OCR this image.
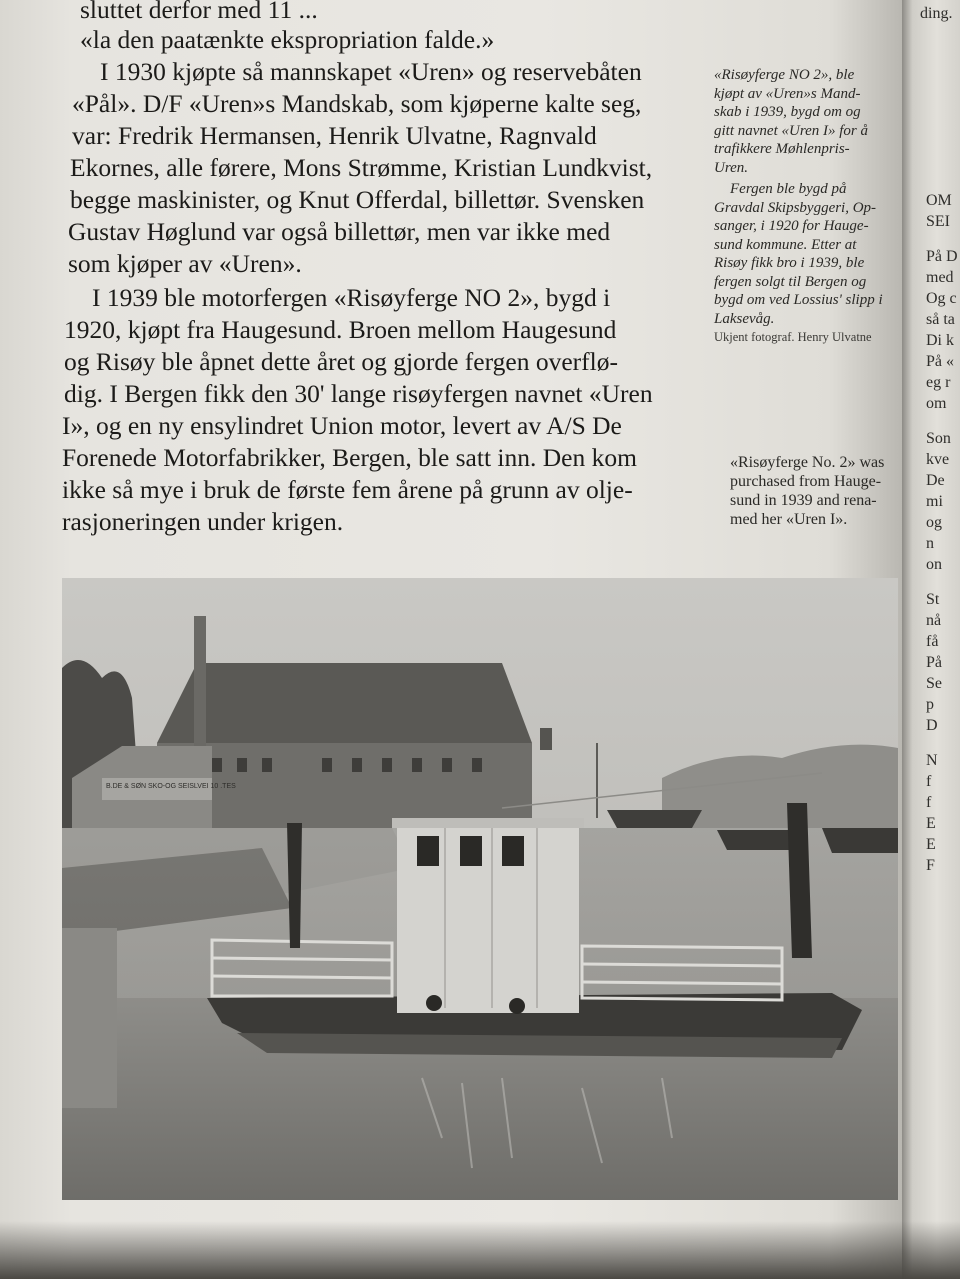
sluttet derfor med 11 ...
«la den paatænkte ekspropriation falde.»
I 1930 kjøpte så mannskapet «Uren» og reservebåten
«Pål». D/F «Uren»s Mandskab, som kjøperne kalte seg,
var: Fredrik Hermansen, Henrik Ulvatne, Ragnvald
Ekornes, alle førere, Mons Strømme, Kristian Lundkvist,
begge maskinister, og Knut Offerdal, billettør. Svensken
Gustav Høglund var også billettør, men var ikke med
som kjøper av «Uren».
I 1939 ble motorfergen «Risøyferge NO 2», bygd i
1920, kjøpt fra Haugesund. Broen mellom Haugesund
og Risøy ble åpnet dette året og gjorde fergen overflø-
dig. I Bergen fikk den 30' lange risøyfergen navnet «Uren
I», og en ny ensylindret Union motor, levert av A/S De
Forenede Motorfabrikker, Bergen, ble satt inn. Den kom
ikke så mye i bruk de første fem årene på grunn av olje-
rasjoneringen under krigen.
«Risøyferge NO 2», ble
kjøpt av «Uren»s Mand-
skab i 1939, bygd om og
gitt navnet «Uren I» for å
trafikkere Møhlenpris-
Uren.
Fergen ble bygd på
Gravdal Skipsbyggeri, Op-
sanger, i 1920 for Hauge-
sund kommune. Etter at
Risøy fikk bro i 1939, ble
fergen solgt til Bergen og
bygd om ved Lossius' slipp i
Laksevåg.
Ukjent fotograf. Henry Ulvatne
«Risøyferge No. 2» was
purchased from Hauge-
sund in 1939 and rena-
med her «Uren I».
B.DE & SØN SKO-OG SEISLVEI 10 .TES
ding.
OM
SEI
På D
med
Og c
så ta
Di k
På «
eg r
om
Son
kve
De
mi
og
n
on
St
nå
få
På
Se
p
D
N
f
f
E
E
F
